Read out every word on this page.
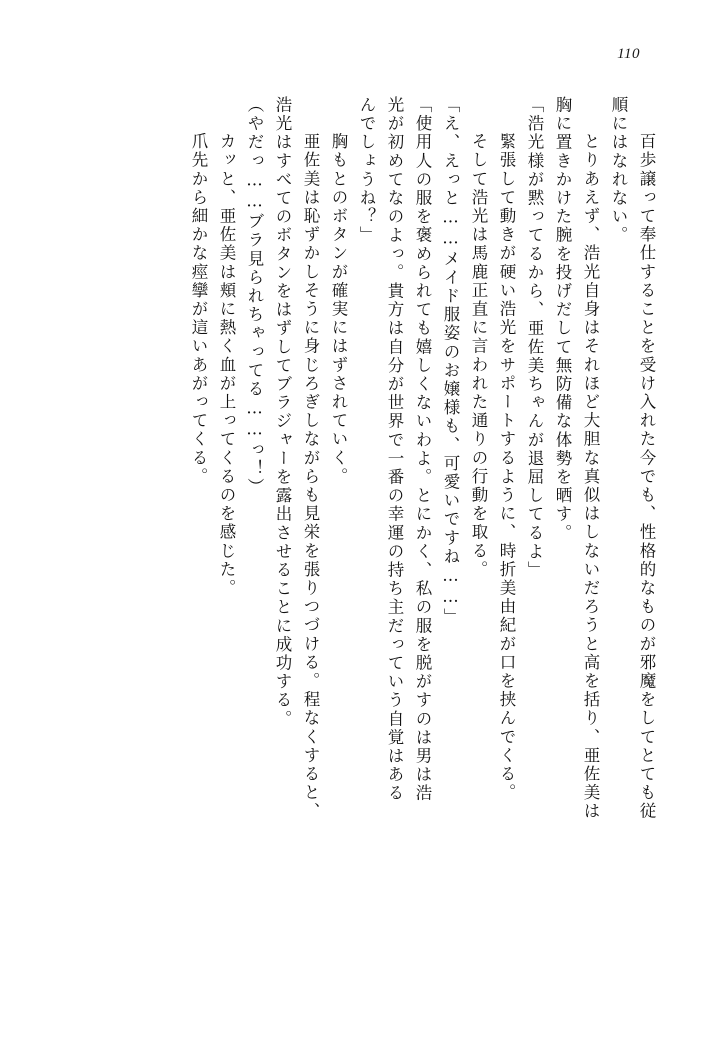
110
　百歩譲って奉仕することを受け入れた今でも、性格的なものが邪魔をしてとても従
順にはなれない。
　とりあえず、浩光自身はそれほど大胆な真似はしないだろうと高を括り、亜佐美は
胸に置きかけた腕を投げだして無防備な体勢を晒す。
「浩光様が黙ってるから、亜佐美ちゃんが退屈してるよ」
　緊張して動きが硬い浩光をサポートするように、時折美由紀が口を挟んでくる。
　そして浩光は馬鹿正直に言われた通りの行動を取る。
「え、えっと……メイド服姿のお嬢様も、可愛いですね……」
「使用人の服を褒められても嬉しくないわよ。とにかく、私の服を脱がすのは男は浩
光が初めてなのよっ。貴方は自分が世界で一番の幸運の持ち主だっていう自覚はある
んでしょうね？」
　胸もとのボタンが確実にはずされていく。
　亜佐美は恥ずかしそうに身じろぎしながらも見栄を張りつづける。程なくすると、
浩光はすべてのボタンをはずしてブラジャーを露出させることに成功する。
（やだっ……ブラ見られちゃってる……っ！）
　カッと、亜佐美は頬に熱く血が上ってくるのを感じた。
　爪先から細かな痙攣が這いあがってくる。
